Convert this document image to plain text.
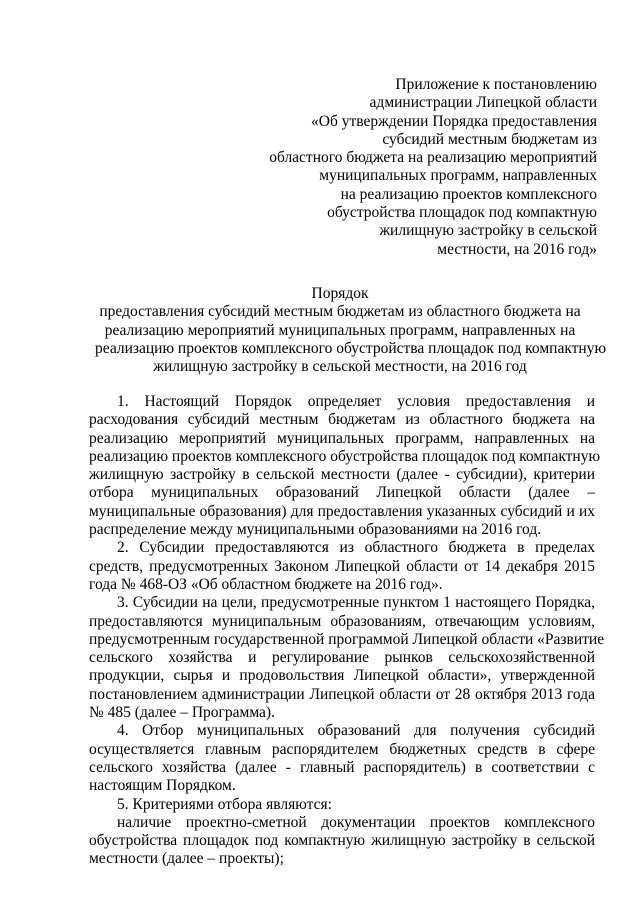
Приложение к постановлению
администрации Липецкой области
«Об утверждении Порядка предоставления
субсидий местным бюджетам из
областного бюджета на реализацию мероприятий
муниципальных программ, направленных
на реализацию проектов комплексного
обустройства площадок под компактную
жилищную застройку в сельской
местности, на 2016 год»
Порядок
предоставления субсидий местным бюджетам из областного бюджета на
реализацию мероприятий муниципальных программ, направленных на
реализацию проектов комплексного обустройства площадок под компактную
жилищную застройку в сельской местности, на 2016 год
1. Настоящий Порядок определяет условия предоставления и
расходования субсидий местным бюджетам из областного бюджета на
реализацию мероприятий муниципальных программ, направленных на
реализацию проектов комплексного обустройства площадок под компактную
жилищную застройку в сельской местности (далее - субсидии), критерии
отбора муниципальных образований Липецкой области (далее –
муниципальные образования) для предоставления указанных субсидий и их
распределение между муниципальными образованиями на 2016 год.
2. Субсидии предоставляются из областного бюджета в пределах
средств, предусмотренных Законом Липецкой области от 14 декабря 2015
года № 468-ОЗ «Об областном бюджете на 2016 год».
3. Субсидии на цели, предусмотренные пунктом 1 настоящего Порядка,
предоставляются муниципальным образованиям, отвечающим условиям,
предусмотренным государственной программой Липецкой области «Развитие
сельского хозяйства и регулирование рынков сельскохозяйственной
продукции, сырья и продовольствия Липецкой области», утвержденной
постановлением администрации Липецкой области от 28 октября 2013 года
№ 485 (далее – Программа).
4. Отбор муниципальных образований для получения субсидий
осуществляется главным распорядителем бюджетных средств в сфере
сельского хозяйства (далее - главный распорядитель) в соответствии с
настоящим Порядком.
5. Критериями отбора являются:
наличие проектно-сметной документации проектов комплексного
обустройства площадок под компактную жилищную застройку в сельской
местности (далее – проекты);
